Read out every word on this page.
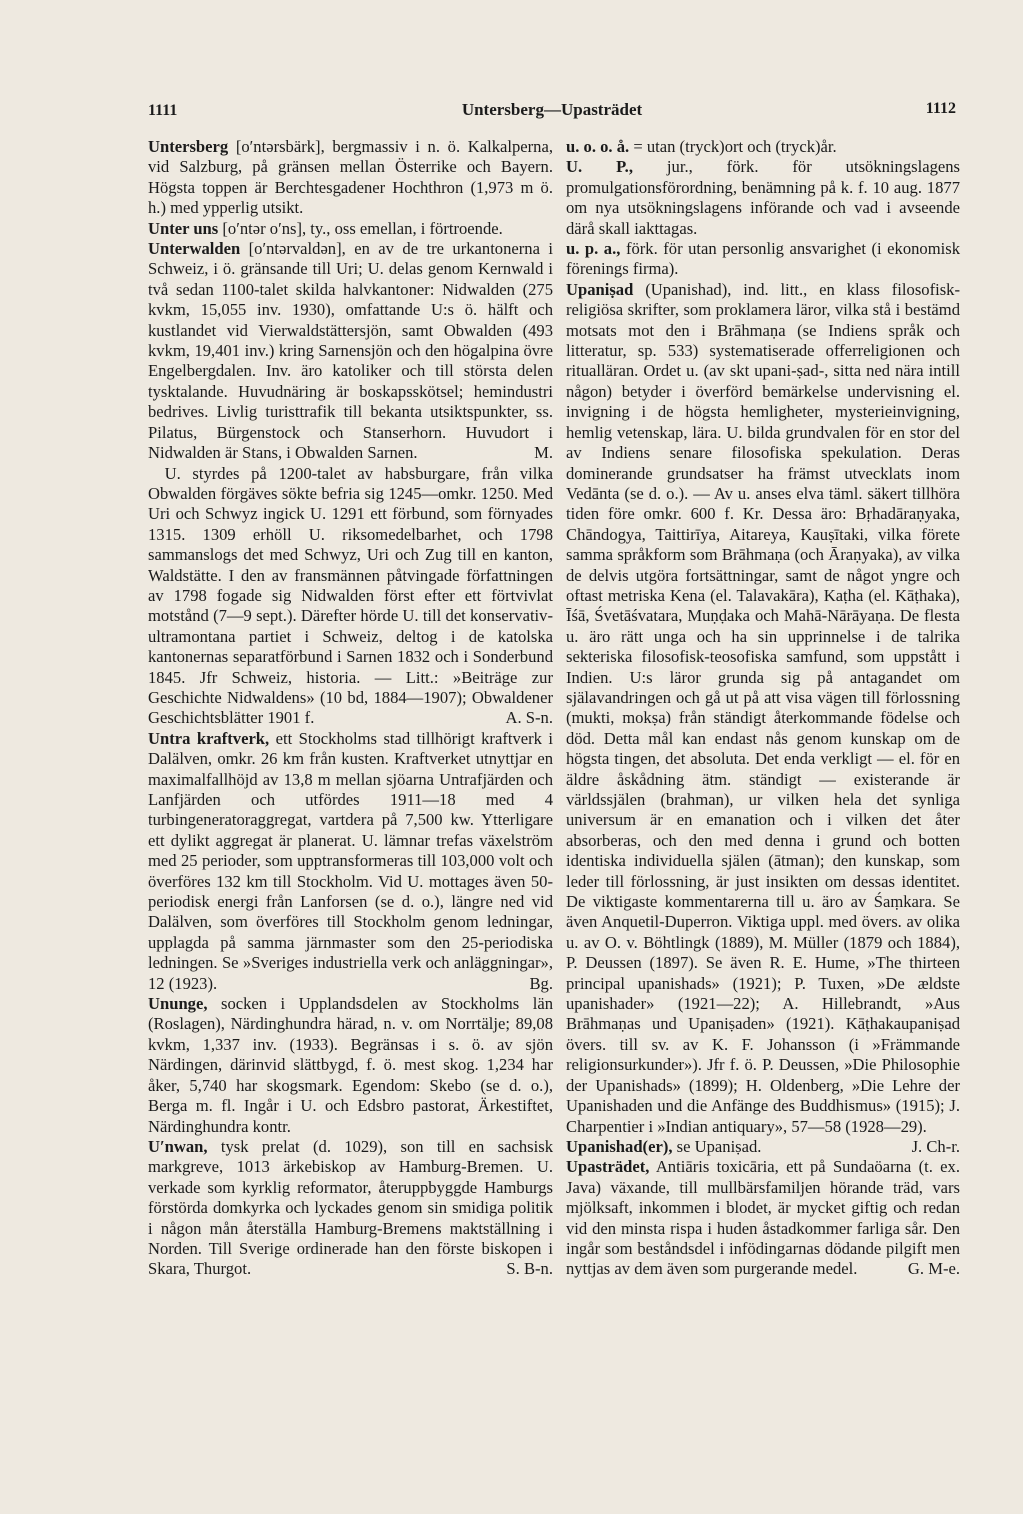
1111	Untersberg—Upasträdet	1112

Untersberg [o′ntərsbärk], bergmassiv i n. ö. Kalkalperna, vid Salzburg, på gränsen mellan Österrike och Bayern. Högsta toppen är Berchtesgadener Hochthron (1,973 m ö. h.) med ypperlig utsikt.

Unter uns [o′ntər o′ns], ty., oss emellan, i förtroende.

Unterwalden [o′ntərvaldən], en av de tre urkantonerna i Schweiz, i ö. gränsande till Uri; U. delas genom Kernwald i två sedan 1100-talet skilda halvkantoner: Nidwalden (275 kvkm, 15,055 inv. 1930), omfattande U:s ö. hälft och kustlandet vid Vierwaldstättersjön, samt Obwalden (493 kvkm, 19,401 inv.) kring Sarnensjön och den högalpina övre Engelbergdalen. Inv. äro katoliker och till största delen tysktalande. Huvudnäring är boskapsskötsel; hemindustri bedrives. Livlig turisttrafik till bekanta utsiktspunkter, ss. Pilatus, Bürgenstock och Stanserhorn. Huvudort i Nidwalden är Stans, i Obwalden Sarnen.	M.

 U. styrdes på 1200-talet av habsburgare, från vilka Obwalden förgäves sökte befria sig 1245—omkr. 1250. Med Uri och Schwyz ingick U. 1291 ett förbund, som förnyades 1315. 1309 erhöll U. riksomedelbarhet, och 1798 sammanslogs det med Schwyz, Uri och Zug till en kanton, Waldstätte. I den av fransmännen påtvingade författningen av 1798 fogade sig Nidwalden först efter ett förtvivlat motstånd (7—9 sept.). Därefter hörde U. till det konservativ-ultramontana partiet i Schweiz, deltog i de katolska kantonernas separatförbund i Sarnen 1832 och i Sonderbund 1845. Jfr Schweiz, historia. — Litt.: »Beiträge zur Geschichte Nidwaldens» (10 bd, 1884—1907); Obwaldener Geschichtsblätter 1901 f.	A. S-n.

Untra kraftverk, ett Stockholms stad tillhörigt kraftverk i Dalälven, omkr. 26 km från kusten. Kraftverket utnyttjar en maximalfallhöjd av 13,8 m mellan sjöarna Untrafjärden och Lanfjärden och utfördes 1911—18 med 4 turbingeneratoraggregat, vartdera på 7,500 kw. Ytterligare ett dylikt aggregat är planerat. U. lämnar trefas växelström med 25 perioder, som upptransformeras till 103,000 volt och överföres 132 km till Stockholm. Vid U. mottages även 50-periodisk energi från Lanforsen (se d. o.), längre ned vid Dalälven, som överföres till Stockholm genom ledningar, upplagda på samma järnmaster som den 25-periodiska ledningen. Se »Sveriges industriella verk och anläggningar», 12 (1923).	Bg.

Ununge, socken i Upplandsdelen av Stockholms län (Roslagen), Närdinghundra härad, n. v. om Norrtälje; 89,08 kvkm, 1,337 inv. (1933). Begränsas i s. ö. av sjön Närdingen, därinvid slättbygd, f. ö. mest skog. 1,234 har åker, 5,740 har skogsmark. Egendom: Skebo (se d. o.), Berga m. fl. Ingår i U. och Edsbro pastorat, Ärkestiftet, Närdinghundra kontr.

U′nwan, tysk prelat (d. 1029), son till en sachsisk markgreve, 1013 ärkebiskop av Hamburg-Bremen. U. verkade som kyrklig reformator, återuppbyggde Hamburgs förstörda domkyrka och lyckades genom sin smidiga politik i någon mån återställa Hamburg-Bremens maktställning i Norden. Till Sverige ordinerade han den förste biskopen i Skara, Thurgot.	S. B-n.

u. o. o. å. = utan (tryck)ort och (tryck)år.

U. P., jur., förk. för utsökningslagens promulgationsförordning, benämning på k. f. 10 aug. 1877 om nya utsökningslagens införande och vad i avseende därå skall iakttagas.

u. p. a., förk. för utan personlig ansvarighet (i ekonomisk förenings firma).

Upaniṣad (Upanishad), ind. litt., en klass filosofisk-religiösa skrifter, som proklamera läror, vilka stå i bestämd motsats mot den i Brāhmaṇa (se Indiens språk och litteratur, sp. 533) systematiserade offerreligionen och ritualläran. Ordet u. (av skt upani-ṣad-, sitta ned nära intill någon) betyder i överförd bemärkelse undervisning el. invigning i de högsta hemligheter, mysterieinvigning, hemlig vetenskap, lära. U. bilda grundvalen för en stor del av Indiens senare filosofiska spekulation. Deras dominerande grundsatser ha främst utvecklats inom Vedānta (se d. o.). — Av u. anses elva täml. säkert tillhöra tiden före omkr. 600 f. Kr. Dessa äro: Bṛhadāraṇyaka, Chāndogya, Taittirīya, Aitareya, Kauṣītaki, vilka förete samma språkform som Brāhmaṇa (och Āraṇyaka), av vilka de delvis utgöra fortsättningar, samt de något yngre och oftast metriska Kena (el. Talavakāra), Kaṭha (el. Kāṭhaka), Īśā, Śvetāśvatara, Muṇḍaka och Mahā-Nārāyaṇa. De flesta u. äro rätt unga och ha sin upprinnelse i de talrika sekteriska filosofisk-teosofiska samfund, som uppstått i Indien. U:s läror grunda sig på antagandet om själavandringen och gå ut på att visa vägen till förlossning (mukti, mokṣa) från ständigt återkommande födelse och död. Detta mål kan endast nås genom kunskap om de högsta tingen, det absoluta. Det enda verkligt — el. för en äldre åskådning ätm. ständigt — existerande är världssjälen (brahman), ur vilken hela det synliga universum är en emanation och i vilken det åter absorberas, och den med denna i grund och botten identiska individuella själen (ātman); den kunskap, som leder till förlossning, är just insikten om dessas identitet. De viktigaste kommentarerna till u. äro av Śaṃkara. Se även Anquetil-Duperron. Viktiga uppl. med övers. av olika u. av O. v. Böhtlingk (1889), M. Müller (1879 och 1884), P. Deussen (1897). Se även R. E. Hume, »The thirteen principal upanishads» (1921); P. Tuxen, »De ældste upanishader» (1921—22); A. Hillebrandt, »Aus Brāhmaṇas und Upaniṣaden» (1921). Kāṭhakaupaniṣad övers. till sv. av K. F. Johansson (i »Främmande religionsurkunder»). Jfr f. ö. P. Deussen, »Die Philosophie der Upanishads» (1899); H. Oldenberg, »Die Lehre der Upanishaden und die Anfänge des Buddhismus» (1915); J. Charpentier i »Indian antiquary», 57—58 (1928—29).
J. Ch-r.

Upanishad(er), se Upaniṣad.

Upasträdet, Antiāris toxicāria, ett på Sundaöarna (t. ex. Java) växande, till mullbärsfamiljen hörande träd, vars mjölksaft, inkommen i blodet, är mycket giftig och redan vid den minsta rispa i huden åstadkommer farliga sår. Den ingår som beståndsdel i infödingarnas dödande pilgift men nyttjas av dem även som purgerande medel.	G. M-e.
